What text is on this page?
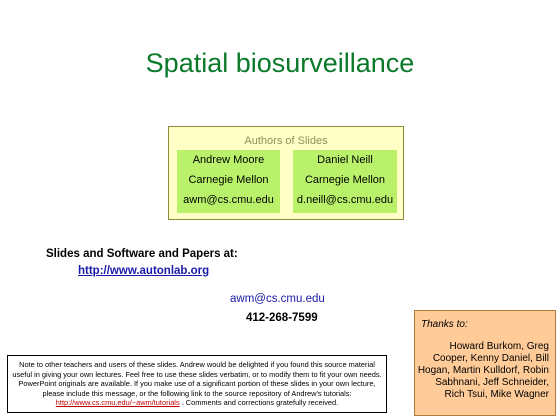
Spatial biosurveillance
Authors of Slides
Andrew Moore
Carnegie Mellon
awm@cs.cmu.edu
Daniel Neill
Carnegie Mellon
d.neill@cs.cmu.edu
Slides and Software and Papers at:
http://www.autonlab.org
awm@cs.cmu.edu
412-268-7599
Note to other teachers and users of these slides. Andrew would be delighted if you found this source material useful in giving your own lectures. Feel free to use these slides verbatim, or to modify them to fit your own needs. PowerPoint originals are available. If you make use of a significant portion of these slides in your own lecture, please include this message, or the following link to the source repository of Andrew's tutorials: http://www.cs.cmu.edu/~awm/tutorials . Comments and corrections gratefully received.
Thanks to:
Howard Burkom, Greg Cooper, Kenny Daniel, Bill Hogan, Martin Kulldorf, Robin Sabhnani, Jeff Schneider, Rich Tsui, Mike Wagner
